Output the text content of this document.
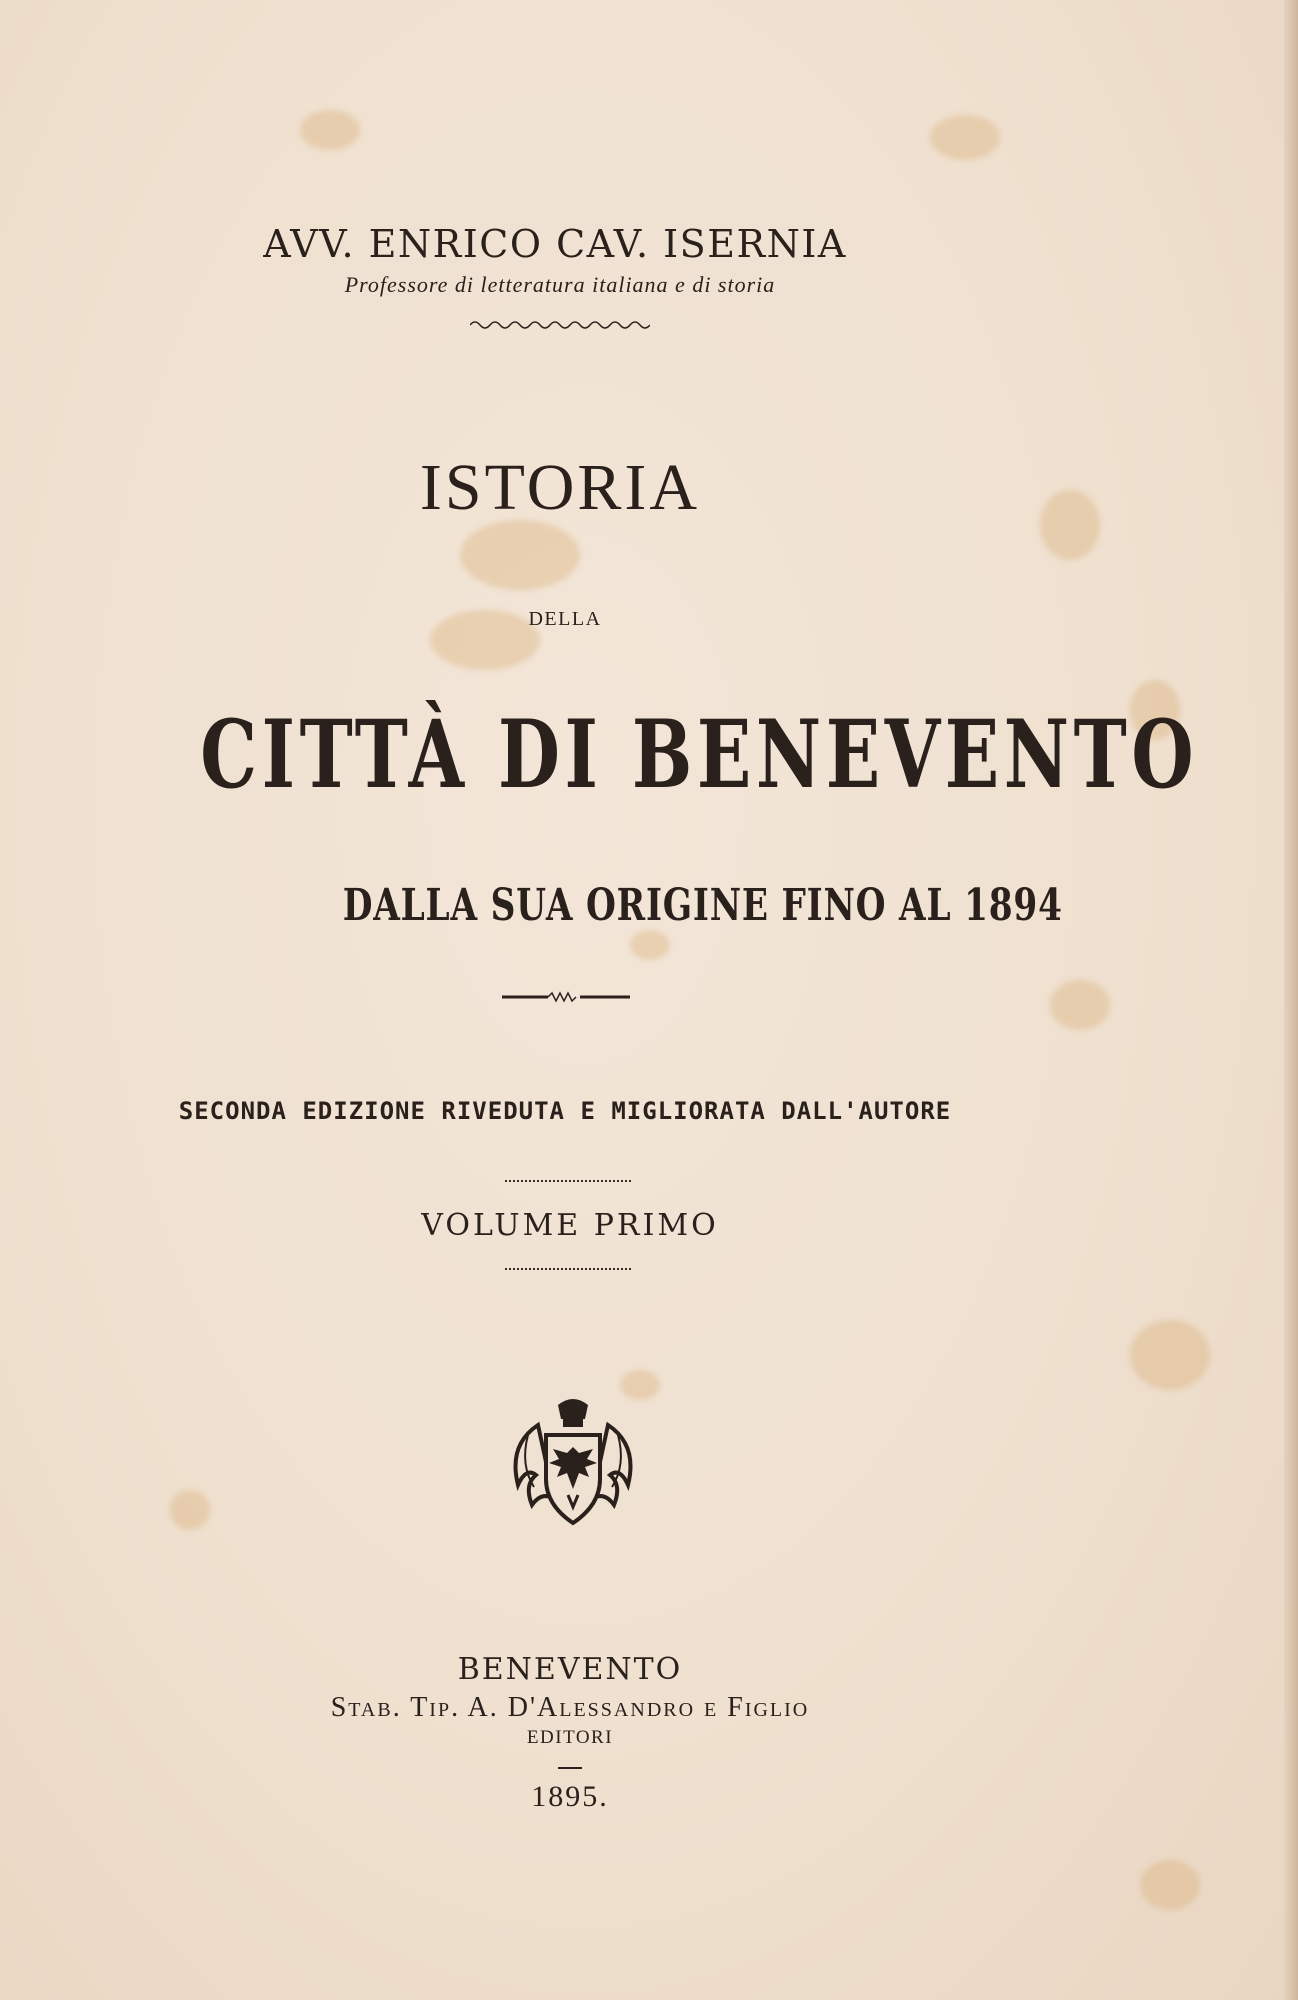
AVV. ENRICO CAV. ISERNIA
Professore di letteratura italiana e di storia
ISTORIA
DELLA
CITTÀ DI BENEVENTO
DALLA SUA ORIGINE FINO AL 1894
SECONDA EDIZIONE RIVEDUTA E MIGLIORATA DALL'AUTORE
VOLUME PRIMO
BENEVENTO
Stab. Tip. A. D'Alessandro e Figlio
EDITORI
1895.
